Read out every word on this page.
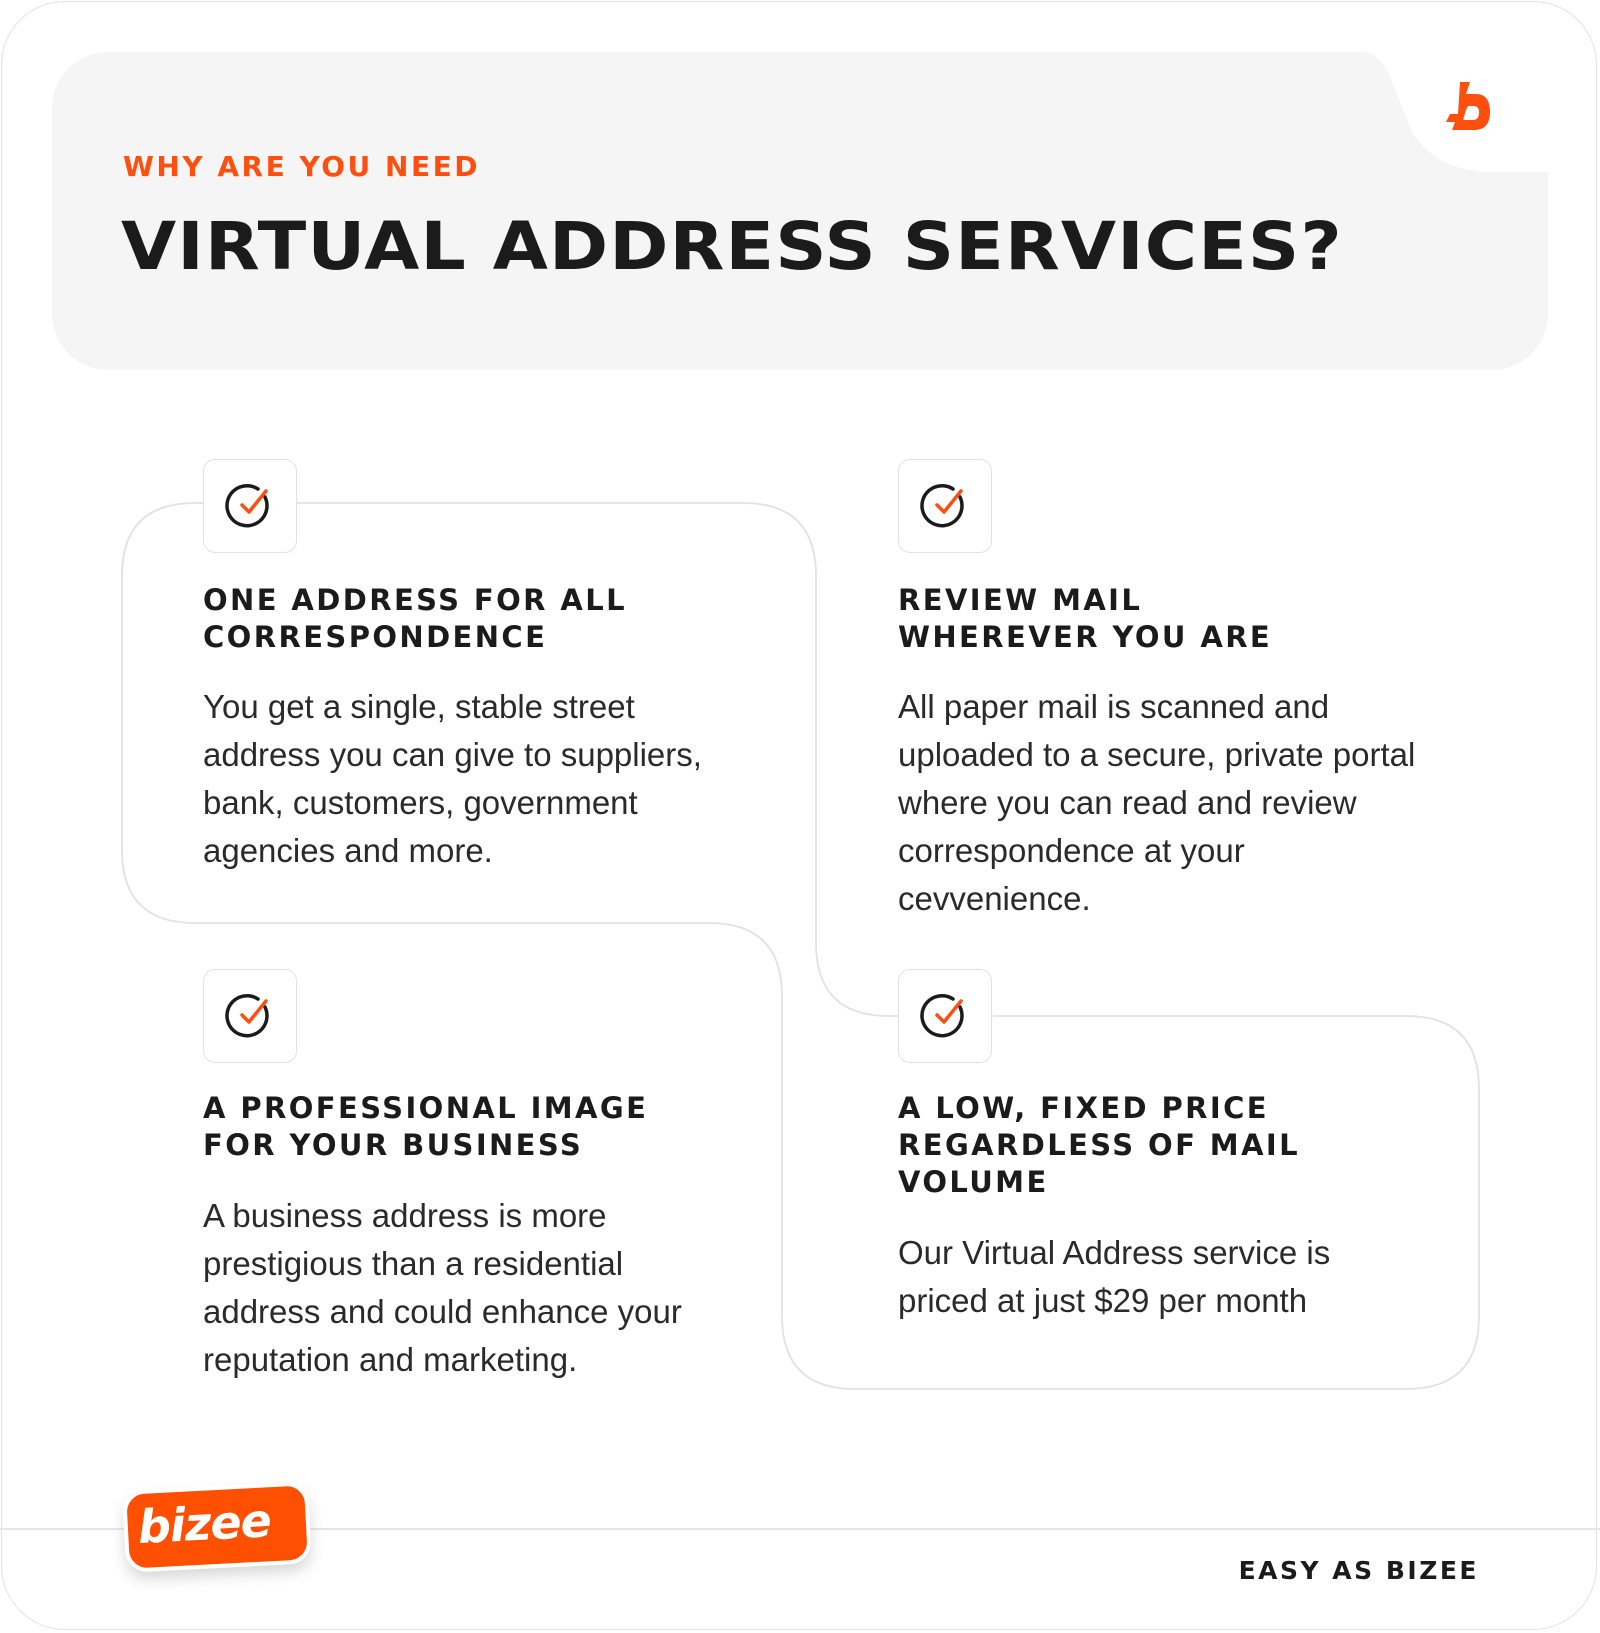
WHY ARE YOU NEED
VIRTUAL ADDRESS SERVICES?
ONE ADDRESS FOR ALL
CORRESPONDENCE
You get a single, stable street
address you can give to suppliers,
bank, customers, government
agencies and more.
REVIEW MAIL
WHEREVER YOU ARE
All paper mail is scanned and
uploaded to a secure, private portal
where you can read and review
correspondence at your
cevvenience.
A PROFESSIONAL IMAGE
FOR YOUR BUSINESS
A business address is more
prestigious than a residential
address and could enhance your
reputation and marketing.
A LOW, FIXED PRICE
REGARDLESS OF MAIL
VOLUME
Our Virtual Address service is
priced at just $29 per month
bizee
EASY AS BIZEE
